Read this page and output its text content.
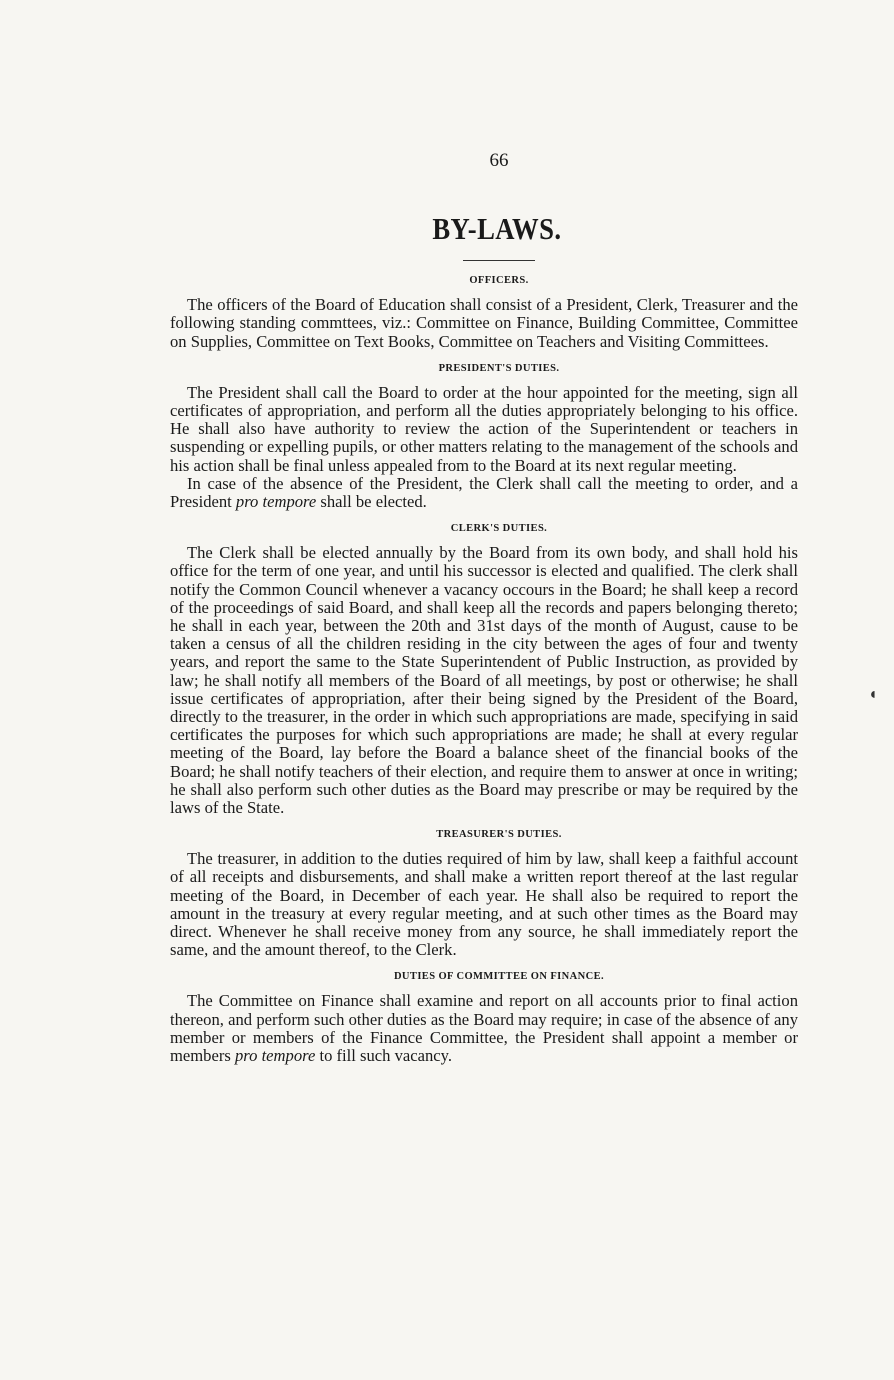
66
BY-LAWS.
OFFICERS.

The officers of the Board of Education shall consist of a President, Clerk, Treasurer and the following standing commttees, viz.: Committee on Finance, Building Committee, Committee on Supplies, Committee on Text Books, Committee on Teachers and Visiting Committees.

PRESIDENT'S DUTIES.

The President shall call the Board to order at the hour appointed for the meeting, sign all certificates of appropriation, and perform all the duties appropriately belonging to his office. He shall also have authority to review the action of the Superintendent or teachers in suspending or expelling pupils, or other matters relating to the management of the schools and his action shall be final unless appealed from to the Board at its next regular meeting.

In case of the absence of the President, the Clerk shall call the meeting to order, and a President pro tempore shall be elected.

CLERK'S DUTIES.

The Clerk shall be elected annually by the Board from its own body, and shall hold his office for the term of one year, and until his successor is elected and qualified. The clerk shall notify the Common Council whenever a vacancy occours in the Board; he shall keep a record of the proceedings of said Board, and shall keep all the records and papers belonging thereto; he shall in each year, between the 20th and 31st days of the month of August, cause to be taken a census of all the children residing in the city between the ages of four and twenty years, and report the same to the State Superintendent of Public Instruction, as provided by law; he shall notify all members of the Board of all meetings, by post or otherwise; he shall issue certificates of appropriation, after their being signed by the President of the Board, directly to the treasurer, in the order in which such appropriations are made, specifying in said certificates the purposes for which such appropriations are made; he shall at every regular meeting of the Board, lay before the Board a balance sheet of the financial books of the Board; he shall notify teachers of their election, and require them to answer at once in writing; he shall also perform such other duties as the Board may prescribe or may be required by the laws of the State.

TREASURER'S DUTIES.

The treasurer, in addition to the duties required of him by law, shall keep a faithful account of all receipts and disbursements, and shall make a written report thereof at the last regular meeting of the Board, in December of each year. He shall also be required to report the amount in the treasury at every regular meeting, and at such other times as the Board may direct. Whenever he shall receive money from any source, he shall immediately report the same, and the amount thereof, to the Clerk.

DUTIES OF COMMITTEE ON FINANCE.

The Committee on Finance shall examine and report on all accounts prior to final action thereon, and perform such other duties as the Board may require; in case of the absence of any member or members of the Finance Committee, the President shall appoint a member or members pro tempore to fill such vacancy.

◖
